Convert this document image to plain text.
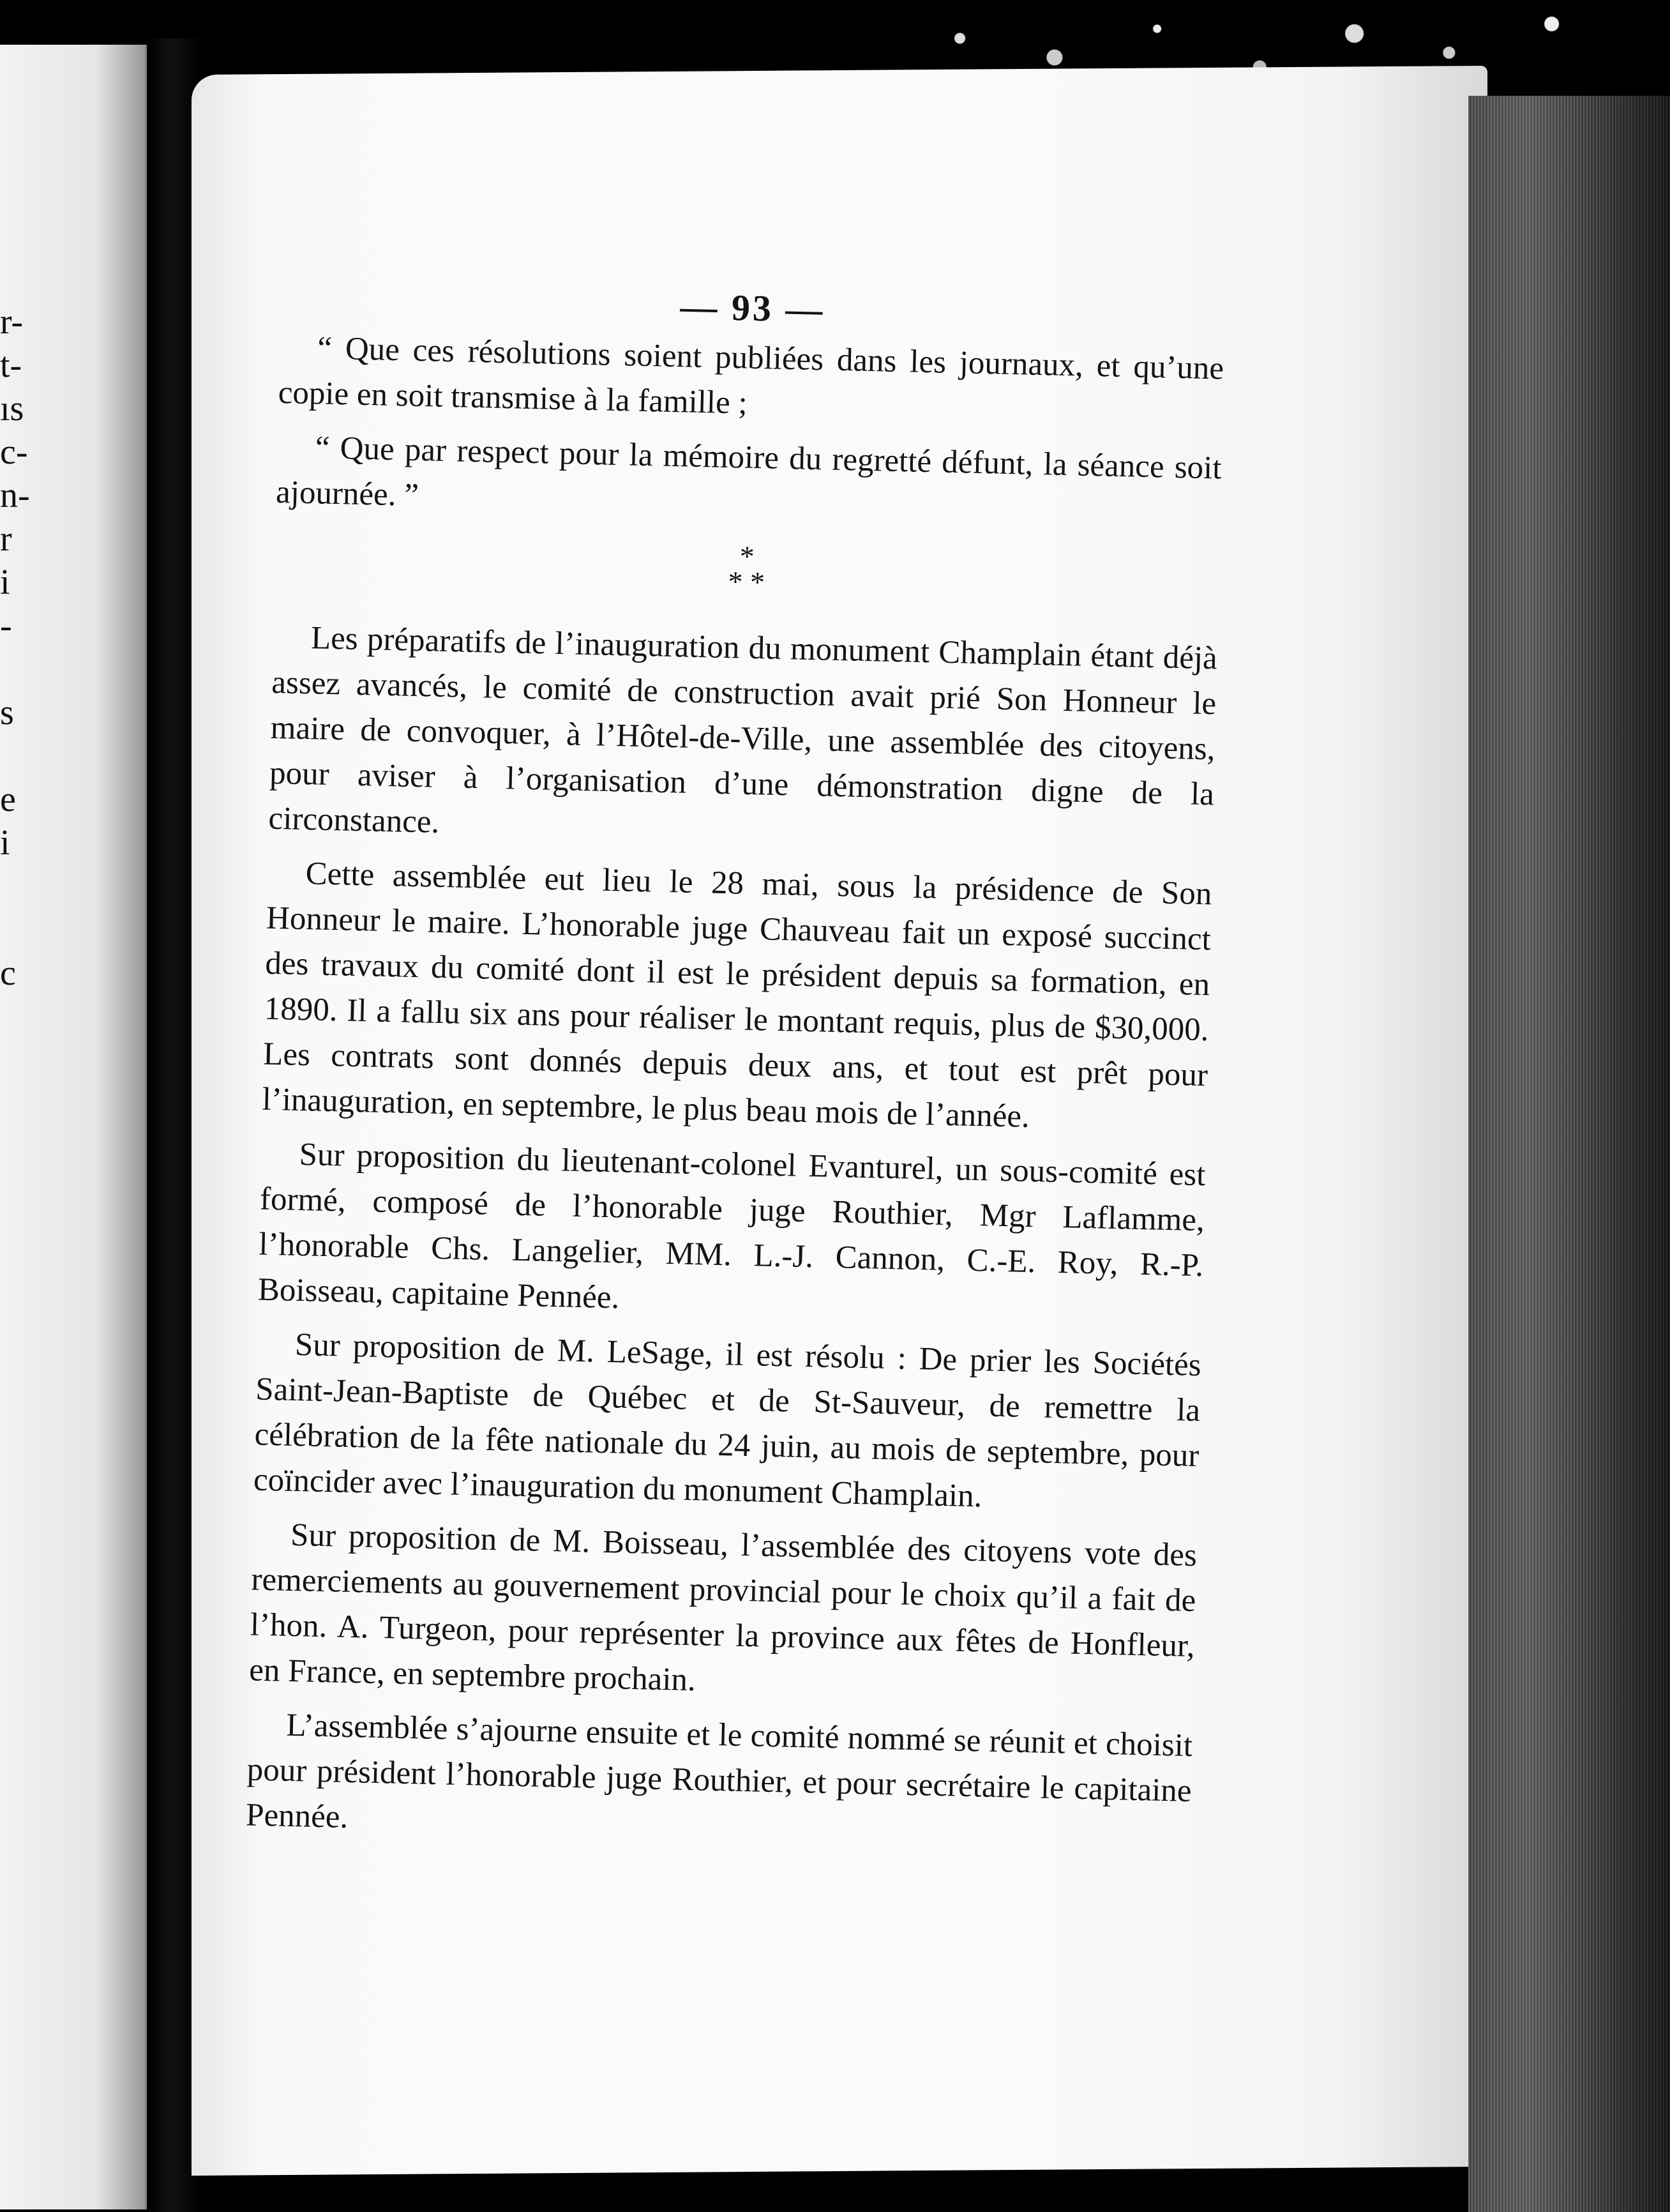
r-
t-
ıs
c-
n-
r
i
-
s
e
i
c
— 93 —

“ Que ces résolutions soient publiées dans les journaux, et qu’une copie en soit transmise à la famille ;

“ Que par respect pour la mémoire du regretté défunt, la séance soit ajournée. ”

*
* *

Les préparatifs de l’inauguration du monument Champlain étant déjà assez avancés, le comité de construction avait prié Son Honneur le maire de convoquer, à l’Hôtel-de-Ville, une assemblée des citoyens, pour aviser à l’organisation d’une démonstration digne de la circonstance.

Cette assemblée eut lieu le 28 mai, sous la présidence de Son Honneur le maire. L’honorable juge Chauveau fait un exposé succinct des travaux du comité dont il est le président depuis sa formation, en 1890. Il a fallu six ans pour réaliser le montant requis, plus de $30,000. Les contrats sont donnés depuis deux ans, et tout est prêt pour l’inauguration, en septembre, le plus beau mois de l’année.

Sur proposition du lieutenant-colonel Evanturel, un sous-comité est formé, composé de l’honorable juge Routhier, Mgr Laflamme, l’honorable Chs. Langelier, MM. L.-J. Cannon, C.-E. Roy, R.-P. Boisseau, capitaine Pennée.

Sur proposition de M. LeSage, il est résolu : De prier les Sociétés Saint-Jean-Baptiste de Québec et de St-Sauveur, de remettre la célébration de la fête nationale du 24 juin, au mois de septembre, pour coïncider avec l’inauguration du monument Champlain.

Sur proposition de M. Boisseau, l’assemblée des citoyens vote des remerciements au gouvernement provincial pour le choix qu’il a fait de l’hon. A. Turgeon, pour représenter la province aux fêtes de Honfleur, en France, en septembre prochain.

L’assemblée s’ajourne ensuite et le comité nommé se réunit et choisit pour président l’honorable juge Routhier, et pour secrétaire le capitaine Pennée.
